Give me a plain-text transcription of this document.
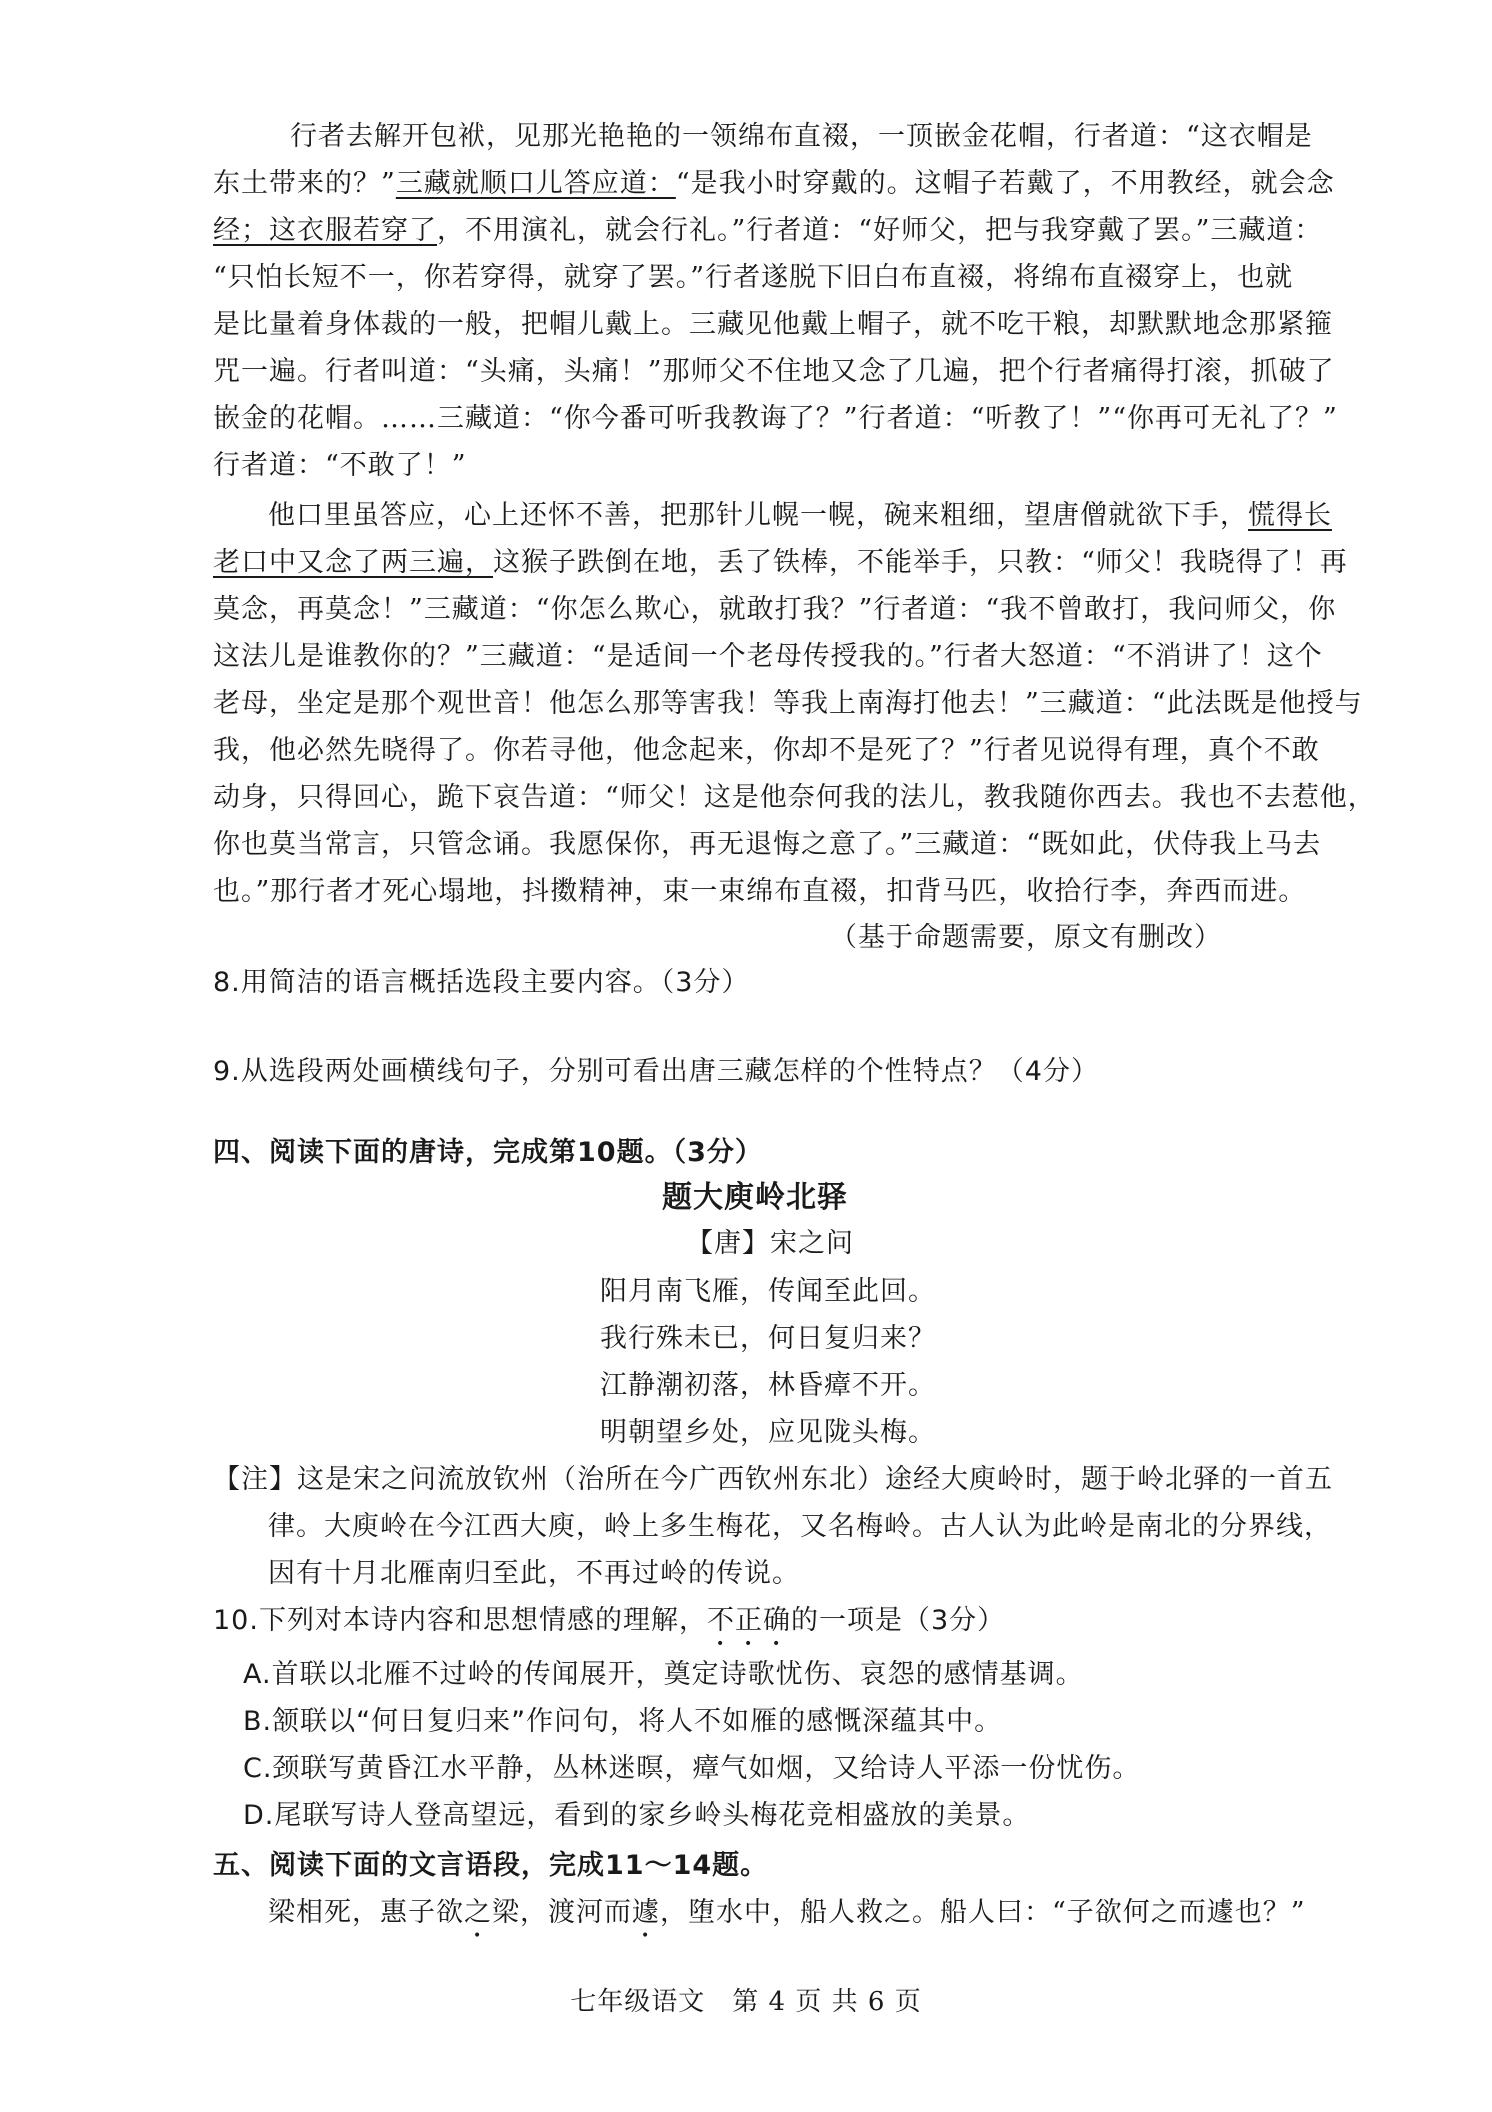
行者去解开包袱，见那光艳艳的一领绵布直裰，一顶嵌金花帽，行者道：“这衣帽是
东土带来的？”三藏就顺口儿答应道：“是我小时穿戴的。这帽子若戴了，不用教经，就会念
经；这衣服若穿了，不用演礼，就会行礼。”行者道：“好师父，把与我穿戴了罢。”三藏道：
“只怕长短不一，你若穿得，就穿了罢。”行者遂脱下旧白布直裰，将绵布直裰穿上，也就
是比量着身体裁的一般，把帽儿戴上。三藏见他戴上帽子，就不吃干粮，却默默地念那紧箍
咒一遍。行者叫道：“头痛，头痛！”那师父不住地又念了几遍，把个行者痛得打滚，抓破了
嵌金的花帽。……三藏道：“你今番可听我教诲了？”行者道：“听教了！”“你再可无礼了？”
行者道：“不敢了！”
他口里虽答应，心上还怀不善，把那针儿幌一幌，碗来粗细，望唐僧就欲下手，慌得长
老口中又念了两三遍，这猴子跌倒在地，丢了铁棒，不能举手，只教：“师父！我晓得了！再
莫念，再莫念！”三藏道：“你怎么欺心，就敢打我？”行者道：“我不曾敢打，我问师父，你
这法儿是谁教你的？”三藏道：“是适间一个老母传授我的。”行者大怒道：“不消讲了！这个
老母，坐定是那个观世音！他怎么那等害我！等我上南海打他去！”三藏道：“此法既是他授与
我，他必然先晓得了。你若寻他，他念起来，你却不是死了？”行者见说得有理，真个不敢
动身，只得回心，跪下哀告道：“师父！这是他奈何我的法儿，教我随你西去。我也不去惹他，
你也莫当常言，只管念诵。我愿保你，再无退悔之意了。”三藏道：“既如此，伏侍我上马去
也。”那行者才死心塌地，抖擞精神，束一束绵布直裰，扣背马匹，收拾行李，奔西而进。
（基于命题需要，原文有删改）
8.用简洁的语言概括选段主要内容。（3分）
9.从选段两处画横线句子，分别可看出唐三藏怎样的个性特点？（4分）
四、阅读下面的唐诗，完成第10题。（3分）
题大庾岭北驿
【唐】宋之问
阳月南飞雁，传闻至此回。
我行殊未已，何日复归来？
江静潮初落，林昏瘴不开。
明朝望乡处，应见陇头梅。
【注】这是宋之问流放钦州（治所在今广西钦州东北）途经大庾岭时，题于岭北驿的一首五
律。大庾岭在今江西大庾，岭上多生梅花，又名梅岭。古人认为此岭是南北的分界线，
因有十月北雁南归至此，不再过岭的传说。
10.下列对本诗内容和思想情感的理解，不正确的一项是（3分）
A.首联以北雁不过岭的传闻展开，奠定诗歌忧伤、哀怨的感情基调。
B.颔联以“何日复归来”作问句，将人不如雁的感慨深蕴其中。
C.颈联写黄昏江水平静，丛林迷暝，瘴气如烟，又给诗人平添一份忧伤。
D.尾联写诗人登高望远，看到的家乡岭头梅花竞相盛放的美景。
五、阅读下面的文言语段，完成11～14题。
梁相死，惠子欲之梁，渡河而遽，堕水中，船人救之。船人曰：“子欲何之而遽也？”
七年级语文　第 4 页 共 6 页
